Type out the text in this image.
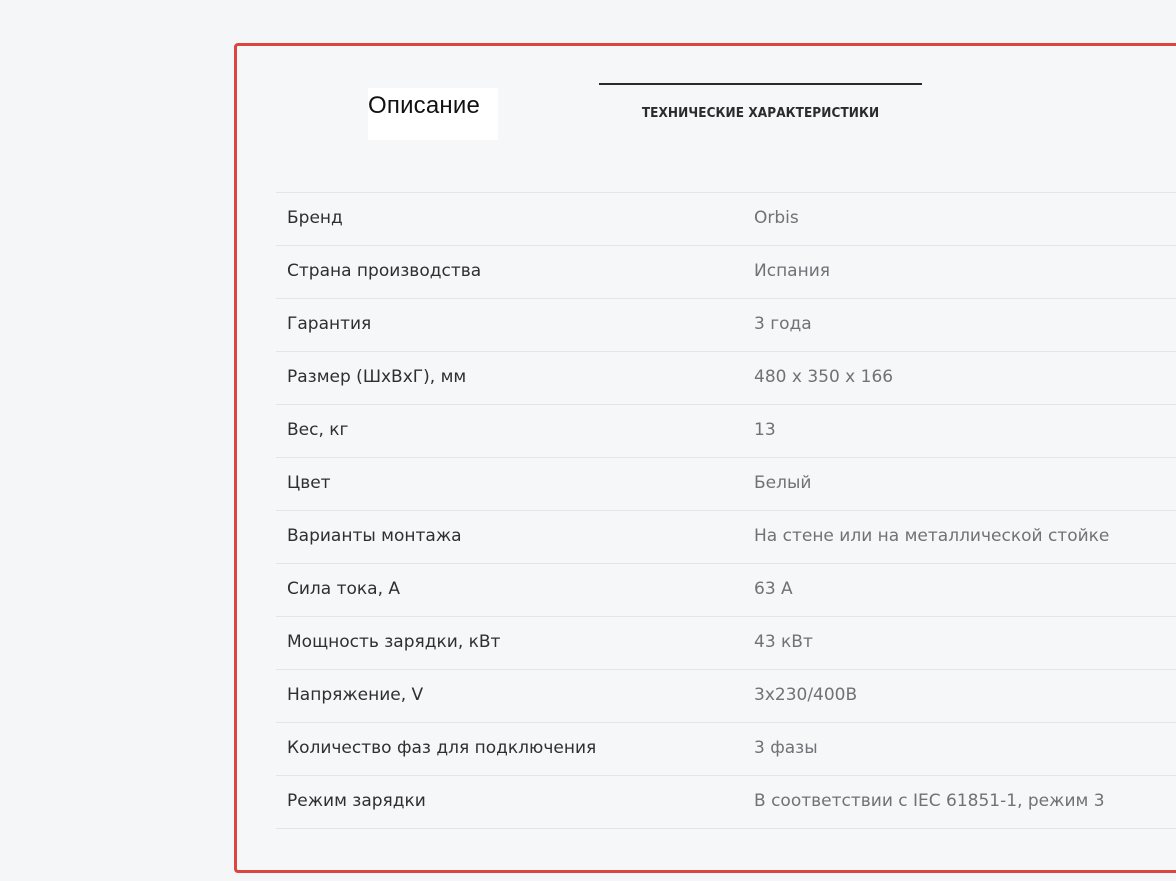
Описание	ТЕХНИЧЕСКИЕ ХАРАКТЕРИСТИКИ
Бренд	Orbis
Страна производства	Испания
Гарантия	3 года
Размер (ШхВхГ), мм	480 х 350 х 166
Вес, кг	13
Цвет	Белый
Варианты монтажа	На стене или на металлической стойке
Сила тока, А	63 А
Мощность зарядки, кВт	43 кВт
Напряжение, V	3х230/400В
Количество фаз для подключения	3 фазы
Режим зарядки	В соответствии с IEC 61851-1, режим 3
